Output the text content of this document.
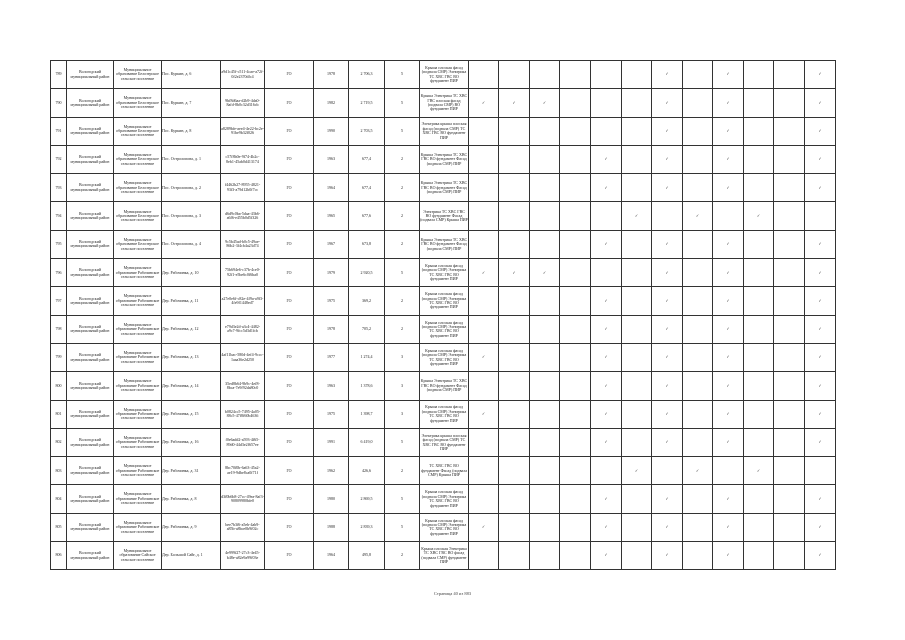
789	Вологодский муниципальный район	Муниципальное образование Белозерское сельское поселение	Пос. Куркин, д. 6	a9d1c45f-c511-4cae-a72f-0f2e2370dfc4	ГО	1978	2 706,3	5	Крыша плоская фасад (подвала СМР) Электрика ТС ХВС ГВС ВО фундамент ПИР							✓		✓			✓
790	Вологодский муниципальный район	Муниципальное образование Белозерское сельское поселение	Пос. Куркин, д. 7	9bf8d6aa-d2b9-4da0-8afd-8b0c32d316cb	ГО	1982	2 719,5	5	Крыша Электрика ТС ХВС ГВС плоская фасад (подвала СМР) ВО фундамент ПИР	✓	✓	✓				✓		✓			✓
791	Вологодский муниципальный район	Муниципальное образование Белозерское сельское поселение	Пос. Куркин, д. 8	a8289bfe-aee4-4e22-bc2e-91be9b32f026	ГО	1990	2 703,5	5	Электрика крыша плоская фасад (подвала СМР) ТС ХВС ГВС ВО фундамент ПИР							✓		✓			✓
792	Вологодский муниципальный район	Муниципальное образование Белозерское сельское поселение	Пос. Остролопова, д. 1	c57f8b0e-9f74-4b2c-8eb1-45ab0d413174	ГО	1963	677,4	2	Крыша Электрика ТС ХВС ГВС ВО фундамент Фасад (подвала СМР) ПИР					✓		✓		✓			✓
793	Вологодский муниципальный район	Муниципальное образование Белозерское сельское поселение	Пос. Остролопова, д. 2	f4462b27-8955-4821-93f3-a79d12b0f7cc	ГО	1964	677,4	2	Крыша Электрика ТС ХВС ГВС ВО фундамент Фасад (подвала СМР) ПИР					✓		✓		✓			✓
794	Вологодский муниципальный район	Муниципальное образование Белозерское сельское поселение	Пос. Остролопова, д. 3	d6d9c0ba-5daa-43b6-a6f6-e455b0d5f326	ГО	1965	677,6	2	Электрика ТС ХВС ГВС ВО фундамент Фасад (подвала СМР) Крыша ПИР						✓		✓		✓		
795	Вологодский муниципальный район	Муниципальное образование Белозерское сельское поселение	Пос. Остролопова, д. 4	9c5b45ad-b0c5-49ae-86b2-3f4cb4a23d74	ГО	1967	673,8	2	Крыша Электрика ТС ХВС ГВС ВО фундамент Фасад (подвала СМР) ПИР					✓		✓		✓			✓
796	Вологодский муниципальный район	Муниципальное образование Рабочинское сельское поселение	Дер. Рабочинка, д. 10	75b694e6-c37b-4ce0-92f1-e5be6c0f6ba0	ГО	1979	2 920,5	5	Крыша плоская фасад (подвала СМР) Электрика ТС ХВС ГВС ВО фундамент ПИР	✓	✓	✓				✓		✓			✓
797	Вологодский муниципальный район	Муниципальное образование Рабочинское сельское поселение	Дер. Рабочинка, д. 11	a27e0e6f-c82e-4f9a-a9f3-4fe9f1448ed7	ГО	1975	369,2	2	Крыша плоская фасад (подвала СМР) Электрика ТС ХВС ГВС ВО фундамент ПИР					✓		✓		✓			✓
798	Вологодский муниципальный район	Муниципальное образование Рабочинское сельское поселение	Дер. Рабочинка, д. 12	e79d3e2d-a3c4-4482-a9c7-9fcc5d3d1fcb	ГО	1978	705,2	2	Крыша плоская фасад (подвала СМР) Электрика ТС ХВС ГВС ВО фундамент ПИР					✓		✓		✓			✓
799	Вологодский муниципальный район	Муниципальное образование Рабочинское сельское поселение	Дер. Рабочинка, д. 13	4af11bac-580d-4ef4-9ccc-1aaa36e2d250	ГО	1977	1 274,4	3	Крыша плоская фасад (подвала СМР) Электрика ТС ХВС ГВС ВО фундамент ПИР	✓				✓		✓		✓			✓
800	Вологодский муниципальный район	Муниципальное образование Рабочинское сельское поселение	Дер. Рабочинка, д. 14	35ed8b64-9b9c-4ef8-8bca-7e9f92da80c0	ГО	1963	1 378,6	3	Крыша Электрика ТС ХВС ГВС ВО фундамент Фасад (подвала СМР) ПИР					✓		✓		✓			✓
801	Вологодский муниципальный район	Муниципальное образование Рабочинское сельское поселение	Дер. Рабочинка, д. 15	b0824cc5-7495-4a05-88c5-47f8f60b4636	ГО	1975	1 398,7	3	Крыша плоская фасад (подвала СМР) Электрика ТС ХВС ГВС ВО фундамент ПИР	✓				✓		✓		✓			✓
802	Вологодский муниципальный район	Муниципальное образование Рабочинское сельское поселение	Дер. Рабочинка, д. 16	f0e6add2-a593-4f65-89d0-44d3e2f657ee	ГО	1991	6 419,0	5	Электрика крыша плоская фасад (подвала СМР) ТС ХВС ГВС ВО фундамент ПИР					✓		✓		✓			✓
803	Вологодский муниципальный район	Муниципальное образование Рабочинское сельское поселение	Дер. Рабочинка, д. 31	8bc70f0b-6a63-45a2-ae19-9dbe8ca0f71f	ГО	1962	426,6	2	ТС ХВС ГВС ВО фундамент Фасад (подвала СМР) Крыша ПИР						✓		✓		✓		
804	Вологодский муниципальный район	Муниципальное образование Рабочинское сельское поселение	Дер. Рабочинка, д. 8	d3f0b6b8-27cc-49ea-8af3-90809980bfe0	ГО	1980	2 869,5	5	Крыша плоская фасад (подвала СМР) Электрика ТС ХВС ГВС ВО фундамент ПИР					✓		✓		✓			✓
805	Вологодский муниципальный район	Муниципальное образование Рабочинское сельское поселение	Дер. Рабочинка, д. 9	bee7b3f6-a5eb-4ab9-a85b-a8bce0b9f02c	ГО	1988	2 839,3	5	Крыша плоская фасад (подвала СМР) Электрика ТС ХВС ГВС ВО фундамент ПИР	✓				✓		✓		✓			✓
806	Вологодский муниципальный район	Муниципальное образование Сайское сельское поселение	Дер. Большой Сайг, д. 1	4e999f27-27c3-4e45-b48e-a82e9a99f03e	ГО	1964	495,8	2	Крыша плоская Электрика ТС ХВС ГВС ВО фасад (подвала СМР) фундамент ПИР					✓		✓		✓			✓
Страница 40 из 883
